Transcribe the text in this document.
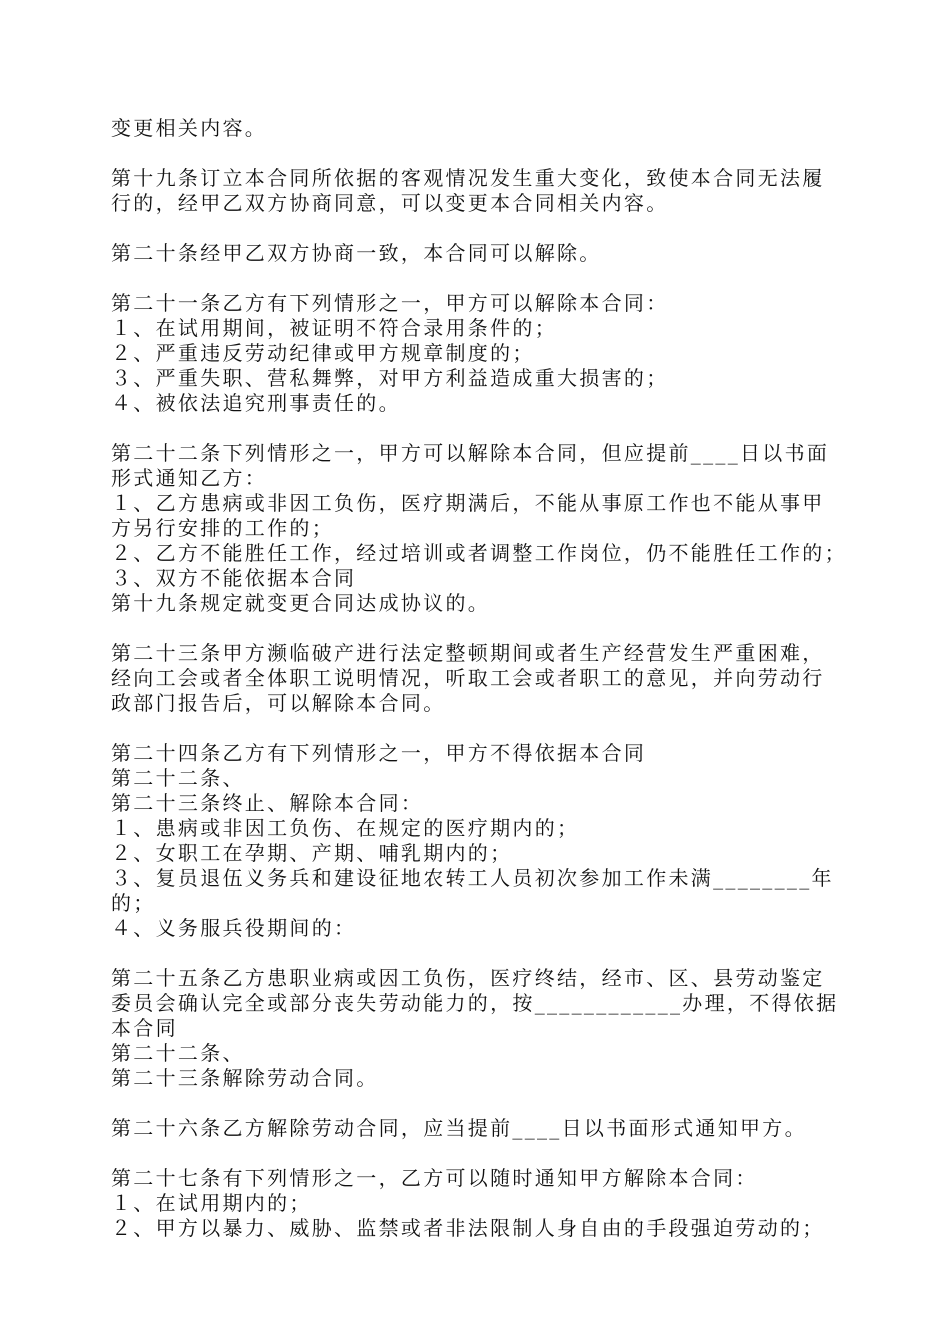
变更相关内容。
第十九条订立本合同所依据的客观情况发生重大变化，致使本合同无法履
行的，经甲乙双方协商同意，可以变更本合同相关内容。
第二十条经甲乙双方协商一致，本合同可以解除。
第二十一条乙方有下列情形之一，甲方可以解除本合同：
１、在试用期间，被证明不符合录用条件的；
２、严重违反劳动纪律或甲方规章制度的；
３、严重失职、营私舞弊，对甲方利益造成重大损害的；
４、被依法追究刑事责任的。
第二十二条下列情形之一，甲方可以解除本合同，但应提前____日以书面
形式通知乙方：
１、乙方患病或非因工负伤，医疗期满后，不能从事原工作也不能从事甲
方另行安排的工作的；
２、乙方不能胜任工作，经过培训或者调整工作岗位，仍不能胜任工作的；
３、双方不能依据本合同
第十九条规定就变更合同达成协议的。
第二十三条甲方濒临破产进行法定整顿期间或者生产经营发生严重困难，
经向工会或者全体职工说明情况，听取工会或者职工的意见，并向劳动行
政部门报告后，可以解除本合同。
第二十四条乙方有下列情形之一，甲方不得依据本合同
第二十二条、
第二十三条终止、解除本合同：
１、患病或非因工负伤、在规定的医疗期内的；
２、女职工在孕期、产期、哺乳期内的；
３、复员退伍义务兵和建设征地农转工人员初次参加工作未满________年
的；
４、义务服兵役期间的：
第二十五条乙方患职业病或因工负伤，医疗终结，经市、区、县劳动鉴定
委员会确认完全或部分丧失劳动能力的，按____________办理，不得依据
本合同
第二十二条、
第二十三条解除劳动合同。
第二十六条乙方解除劳动合同，应当提前____日以书面形式通知甲方。
第二十七条有下列情形之一，乙方可以随时通知甲方解除本合同：
１、在试用期内的；
２、甲方以暴力、威胁、监禁或者非法限制人身自由的手段强迫劳动的；
